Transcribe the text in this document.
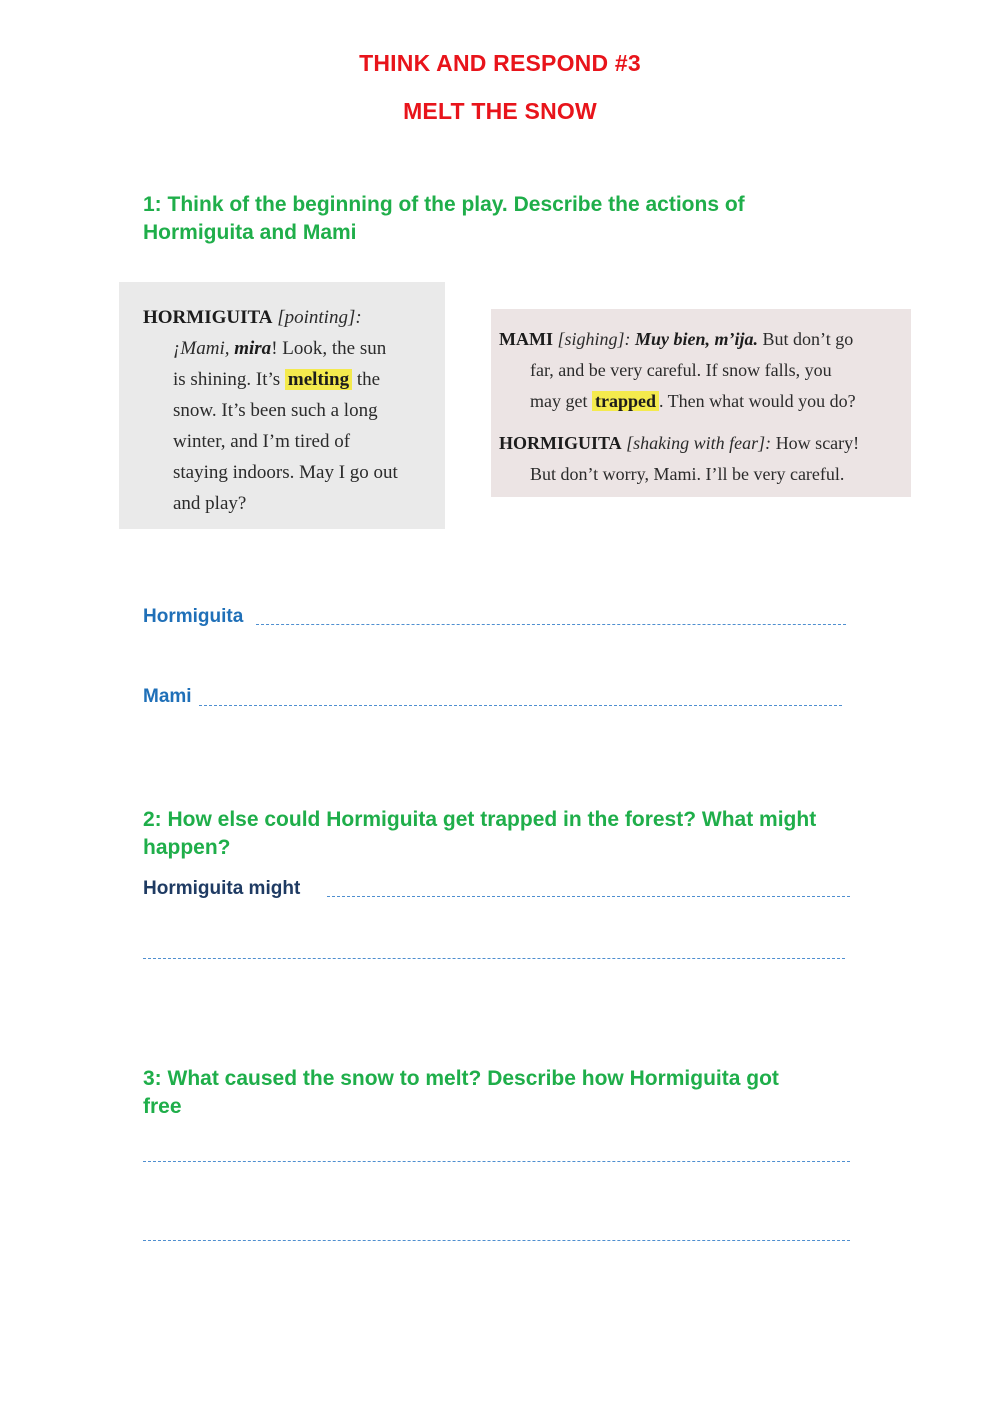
THINK AND RESPOND #3
MELT THE SNOW
1: Think of the beginning of the play. Describe the actions of
Hormiguita and Mami
HORMIGUITA [pointing]:
¡Mami, mira! Look, the sun
is shining. It’s melting the
snow. It’s been such a long
winter, and I’m tired of
staying indoors. May I go out
and play?
MAMI [sighing]: Muy bien, m’ija. But don’t go
far, and be very careful. If snow falls, you
may get trapped . Then what would you do?
HORMIGUITA [shaking with fear]: How scary!
But don’t worry, Mami. I’ll be very careful.
Hormiguita
Mami
2: How else could Hormiguita get trapped in the forest? What might
happen?
Hormiguita might
3: What caused the snow to melt? Describe how Hormiguita got
free
